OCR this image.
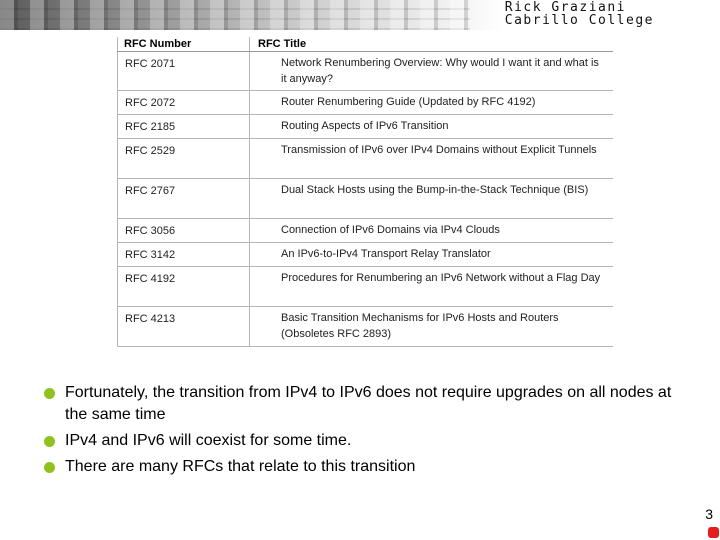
Rick Graziani
Cabrillo College
RFC Number	RFC Title

RFC 2071	Network Renumbering Overview: Why would I want it and what is it anyway?

RFC 2072	Router Renumbering Guide (Updated by RFC 4192)

RFC 2185	Routing Aspects of IPv6 Transition

RFC 2529	Transmission of IPv6 over IPv4 Domains without Explicit Tunnels

RFC 2767	Dual Stack Hosts using the Bump-in-the-Stack Technique (BIS)

RFC 3056	Connection of IPv6 Domains via IPv4 Clouds

RFC 3142	An IPv6-to-IPv4 Transport Relay Translator

RFC 4192	Procedures for Renumbering an IPv6 Network without a Flag Day

RFC 4213	Basic Transition Mechanisms for IPv6 Hosts and Routers (Obsoletes RFC 2893)
Fortunately, the transition from IPv4 to IPv6 does not require upgrades on all nodes at the same time
IPv4 and IPv6 will coexist for some time.
There are many RFCs that relate to this transition
3
